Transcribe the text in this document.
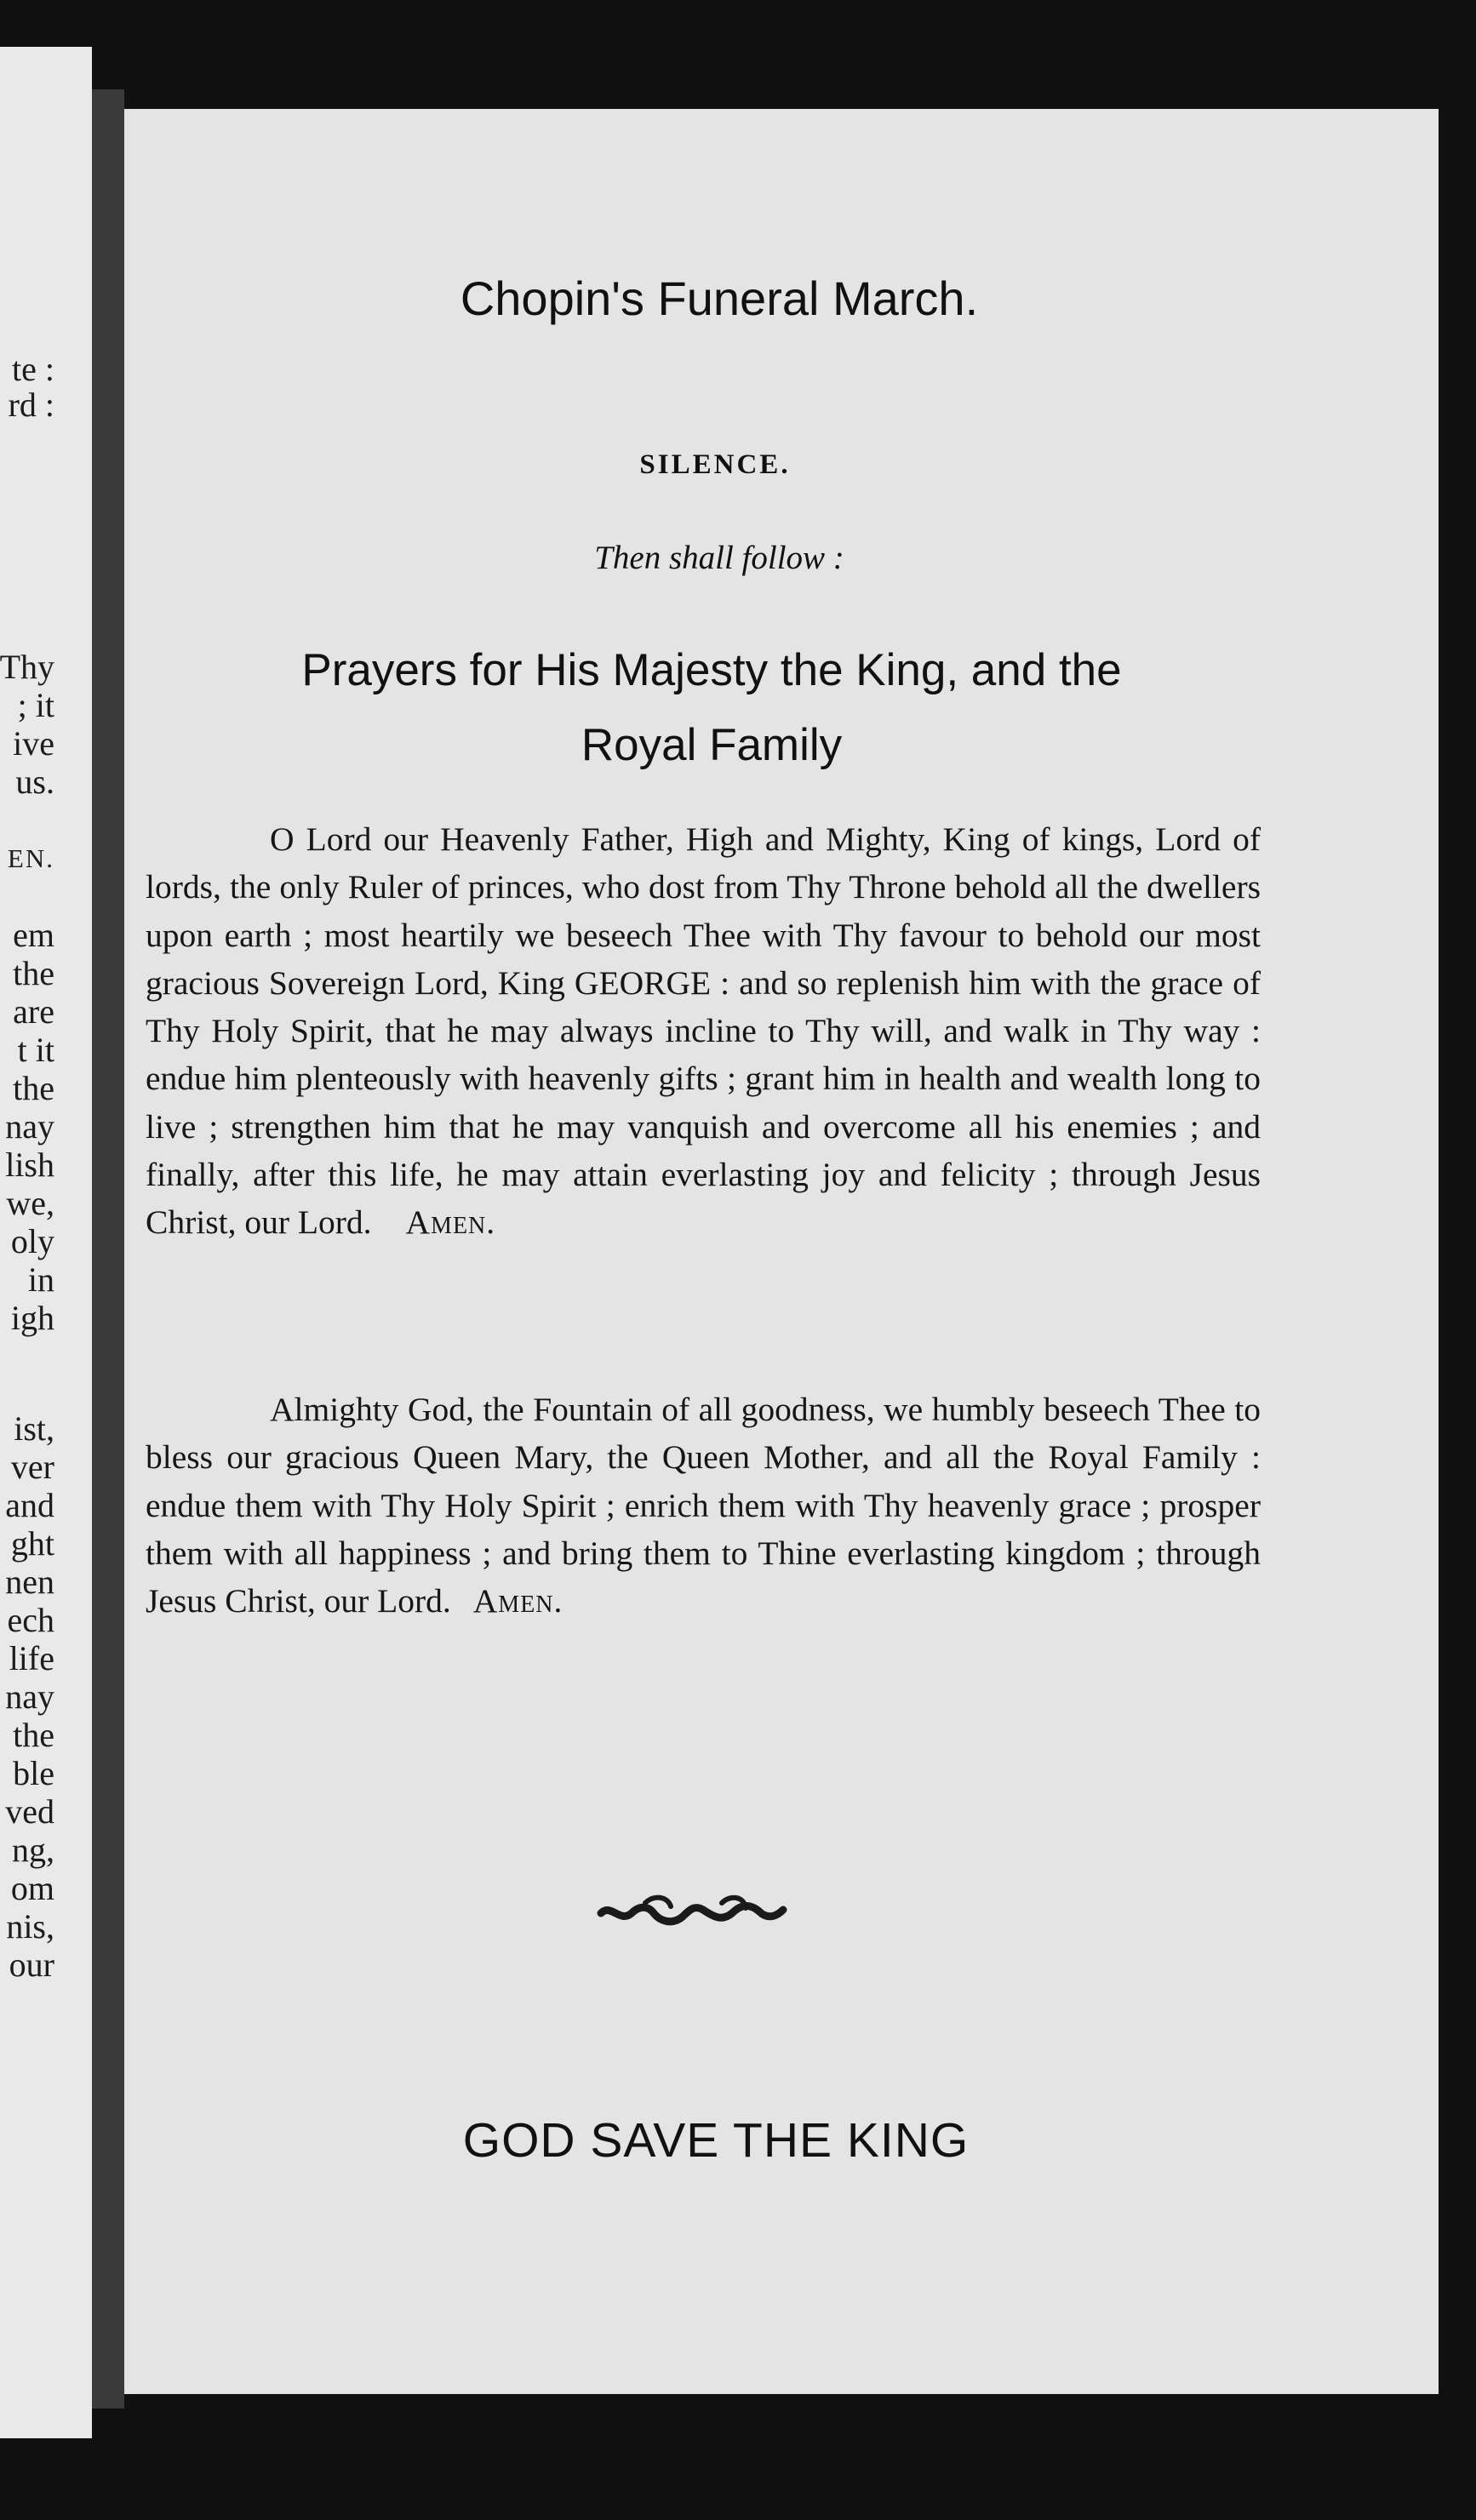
te :
rd :
Thy
; it
ive
us.
EN.
em
the
are
t it
the
nay
lish
we,
oly
in
igh
ist,
ver
and
ght
nen
ech
life
nay
the
ble
ved
ng,
om
nis,
our
Chopin's Funeral March.
SILENCE.
Then shall follow :
Prayers for His Majesty the King, and the Royal Family

O Lord our Heavenly Father, High and Mighty, King of kings, Lord of lords, the only Ruler of princes, who dost from Thy Throne behold all the dwellers upon earth ; most heartily we beseech Thee with Thy favour to behold our most gracious Sovereign Lord, King GEORGE : and so replenish him with the grace of Thy Holy Spirit, that he may always incline to Thy will, and walk in Thy way : endue him plenteously with heavenly gifts ; grant him in health and wealth long to live ; strengthen him that he may vanquish and overcome all his enemies ; and finally, after this life, he may attain everlasting joy and felicity ; through Jesus Christ, our Lord. Amen.

Almighty God, the Fountain of all goodness, we humbly beseech Thee to bless our gracious Queen Mary, the Queen Mother, and all the Royal Family : endue them with Thy Holy Spirit ; enrich them with Thy heavenly grace ; prosper them with all happiness ; and bring them to Thine everlasting kingdom ; through Jesus Christ, our Lord. Amen.

GOD SAVE THE KING
